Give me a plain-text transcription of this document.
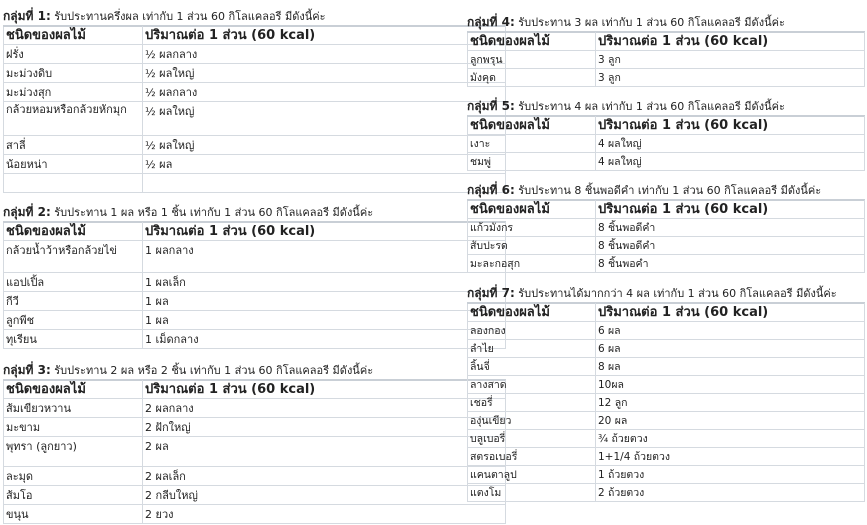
กลุ่มที่ 1: รับประทานครึ่งผล เท่ากับ 1 ส่วน 60 กิโลแคลอรี มีดังนี้ค่ะ
ชนิดของผลไม้	ปริมาณต่อ 1 ส่วน (60 kcal)
ฝรั่ง	½ ผลกลาง
มะม่วงดิบ	½ ผลใหญ่
มะม่วงสุก	½ ผลกลาง
กล้วยหอมหรือกล้วยหักมุก	½ ผลใหญ่
สาลี่	½ ผลใหญ่
น้อยหน่า	½ ผล

กลุ่มที่ 2: รับประทาน 1 ผล หรือ 1 ชิ้น เท่ากับ 1 ส่วน 60 กิโลแคลอรี มีดังนี้ค่ะ
ชนิดของผลไม้	ปริมาณต่อ 1 ส่วน (60 kcal)
กล้วยน้ำว้าหรือกล้วยไข่	1 ผลกลาง
แอปเปิ้ล	1 ผลเล็ก
กีวี	1 ผล
ลูกพีช	1 ผล
ทุเรียน	1 เม็ดกลาง
กลุ่มที่ 3: รับประทาน 2 ผล หรือ 2 ชิ้น เท่ากับ 1 ส่วน 60 กิโลแคลอรี มีดังนี้ค่ะ
ชนิดของผลไม้	ปริมาณต่อ 1 ส่วน (60 kcal)
ส้มเขียวหวาน	2 ผลกลาง
มะขาม	2 ฝักใหญ่
พุทรา (ลูกยาว)	2 ผล
ละมุด	2 ผลเล็ก
ส้มโอ	2 กลีบใหญ่
ขนุน	2 ยวง
กลุ่มที่ 4: รับประทาน 3 ผล เท่ากับ 1 ส่วน 60 กิโลแคลอรี มีดังนี้ค่ะ
ชนิดของผลไม้	ปริมาณต่อ 1 ส่วน (60 kcal)
ลูกพรุน	3 ลูก
มังคุด	3 ลูก
กลุ่มที่ 5: รับประทาน 4 ผล เท่ากับ 1 ส่วน 60 กิโลแคลอรี มีดังนี้ค่ะ
ชนิดของผลไม้	ปริมาณต่อ 1 ส่วน (60 kcal)
เงาะ	4 ผลใหญ่
ชมพู่	4 ผลใหญ่
กลุ่มที่ 6: รับประทาน 8 ชิ้นพอดีคำ เท่ากับ 1 ส่วน 60 กิโลแคลอรี มีดังนี้ค่ะ
ชนิดของผลไม้	ปริมาณต่อ 1 ส่วน (60 kcal)
แก้วมังกร	8 ชิ้นพอดีคำ
สับปะรด	8 ชิ้นพอดีคำ
มะละกอสุก	8 ชิ้นพอคำ
กลุ่มที่ 7: รับประทานได้มากกว่า 4 ผล เท่ากับ 1 ส่วน 60 กิโลแคลอรี มีดังนี้ค่ะ
ชนิดของผลไม้	ปริมาณต่อ 1 ส่วน (60 kcal)
ลองกอง	6 ผล
ลำไย	6 ผล
ลิ้นจี่	8 ผล
ลางสาด	10ผล
เชอรี่	12 ลูก
องุ่นเขียว	20 ผล
บลูเบอรี่	¾ ถ้วยตวง
สตรอเบอรี่	1+1/4 ถ้วยตวง
แคนตาลูป	1 ถ้วยตวง
แตงโม	2 ถ้วยตวง
